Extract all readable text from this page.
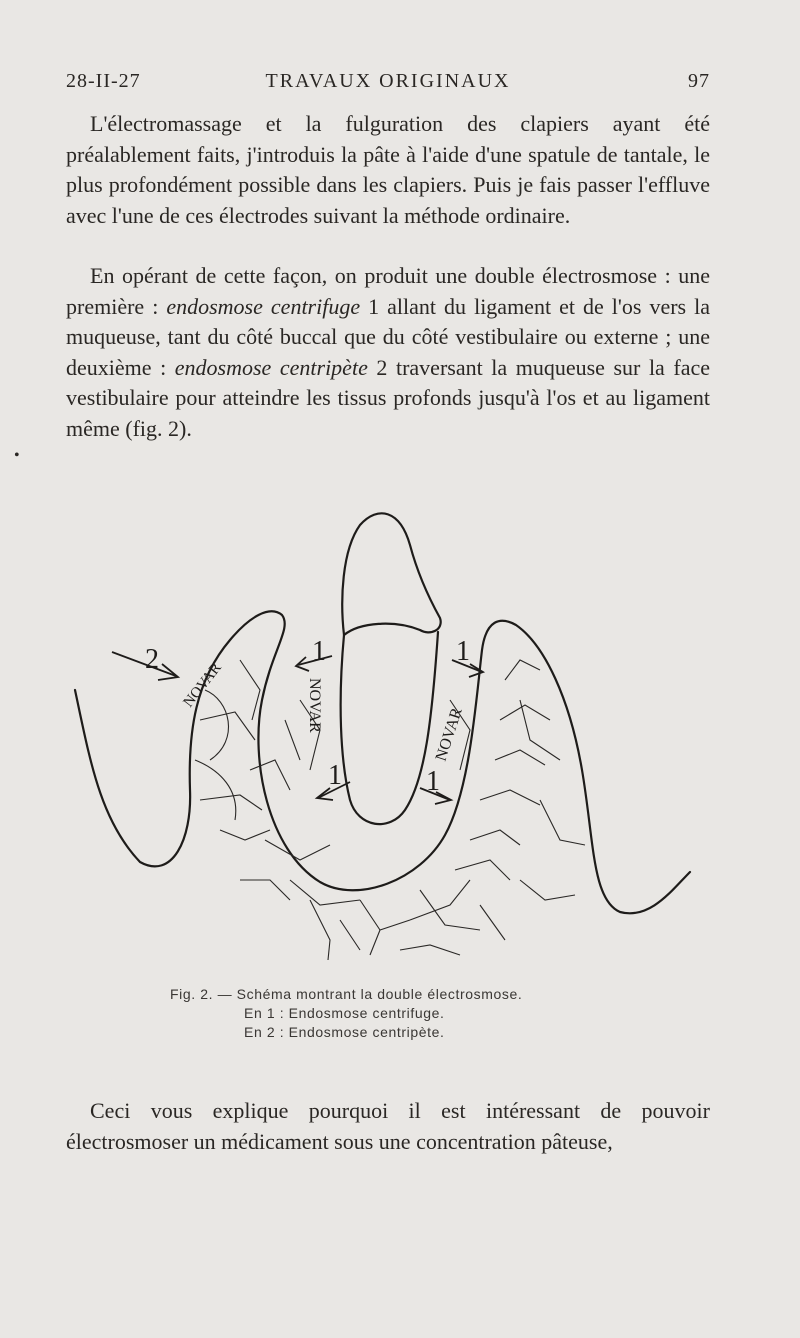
28-II-27	TRAVAUX ORIGINAUX	97
L'électromassage et la fulguration des clapiers ayant été préalablement faits, j'introduis la pâte à l'aide d'une spatule de tantale, le plus profondément possible dans les clapiers. Puis je fais passer l'effluve avec l'une de ces électrodes suivant la méthode ordinaire.
En opérant de cette façon, on produit une double électrosmose : une première : endosmose centrifuge 1 allant du ligament et de l'os vers la muqueuse, tant du côté buccal que du côté vestibulaire ou externe ; une deuxième : endosmose centripète 2 traversant la muqueuse sur la face vestibulaire pour atteindre les tissus profonds jusqu'à l'os et au ligament même (fig. 2).
•
2	1	1
1	1
NOVAR	NOVAR
NOVAR
Fig. 2. — Schéma montrant la double électrosmose.
En 1 : Endosmose centrifuge.
En 2 : Endosmose centripète.
Ceci vous explique pourquoi il est intéressant de pouvoir électrosmoser un médicament sous une concentration pâteuse,
